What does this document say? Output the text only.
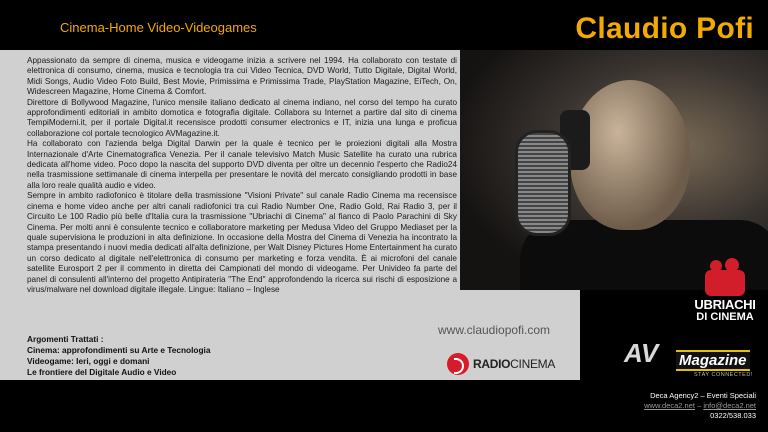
Cinema-Home Video-Videogames	Claudio Pofi

Appassionato da sempre di cinema, musica e videogame inizia a scrivere nel 1994. Ha collaborato con testate di elettronica di consumo, cinema, musica e tecnologia tra cui Video Tecnica, DVD World, Tutto Digitale, Digital World, Midi Songs, Audio Video Foto Build, Best Movie, Primissima e Primissima Trade, PlayStation Magazine, EiTech, On, Widescreen Magazine, Home Cinema & Comfort.

Direttore di Bollywood Magazine, l'unico mensile italiano dedicato al cinema indiano, nel corso del tempo ha curato approfondimenti editoriali in ambito domotica e fotografia digitale. Collabora su Internet a partire dal sito di cinema TempiModerni.it, per il portale Digital.it recensisce prodotti consumer electronics e IT, inizia una lunga e proficua collaborazione col portale tecnologico AVMagazine.it.

Ha collaborato con l'azienda belga Digital Darwin per la quale è tecnico per le proiezioni digitali alla Mostra Internazionale d'Arte Cinematografica Venezia. Per il canale televisivo Match Music Satellite ha curato una rubrica dedicata all'home video. Poco dopo la nascita del supporto DVD diventa per oltre un decennio l'esperto che Radio24 nella trasmissione settimanale di cinema interpella per presentare le novità del mercato consigliando prodotti in base alla loro reale qualità audio e video.

Sempre in ambito radiofonico è titolare della trasmissione "Visioni Private" sul canale Radio Cinema ma recensisce cinema e home video anche per altri canali radiofonici tra cui Radio Number One, Radio Gold, Rai Radio 3, per il Circuito Le 100 Radio più belle d'Italia cura la trasmissione "Ubriachi di Cinema" al fianco di Paolo Parachini di Sky Cinema. Per molti anni è consulente tecnico e collaboratore marketing per Medusa Video del Gruppo Mediaset per la quale supervisiona le produzioni in alta definizione. In occasione della Mostra del Cinema di Venezia ha incontrato la stampa presentando i nuovi media dedicati all'alta definizione, per Walt Disney Pictures Home Entertainment ha curato un corso dedicato al digitale nell'elettronica di consumo per marketing e forza vendita. È ai microfoni del canale satellite Eurosport 2 per il commento in diretta dei Campionati del mondo di videogame. Per Univideo fa parte del panel di consulenti all'interno del progetto Antipirateria "The End" approfondendo la ricerca sui rischi di esposizione a virus/malware nel download digitale illegale. Lingue: Italiano – Inglese

Argomenti Trattati :
Cinema: approfondimenti su Arte e Tecnologia
Videogame: Ieri, oggi e domani
Le frontiere del Digitale Audio e Video
www.claudiopofi.com
RADIOCINEMA
UBRIACHI
DI CINEMA
AV Magazine
STAY CONNECTED!
Deca Agency2 – Eventi Speciali
www.deca2.net – info@deca2.net
0322/538.033
